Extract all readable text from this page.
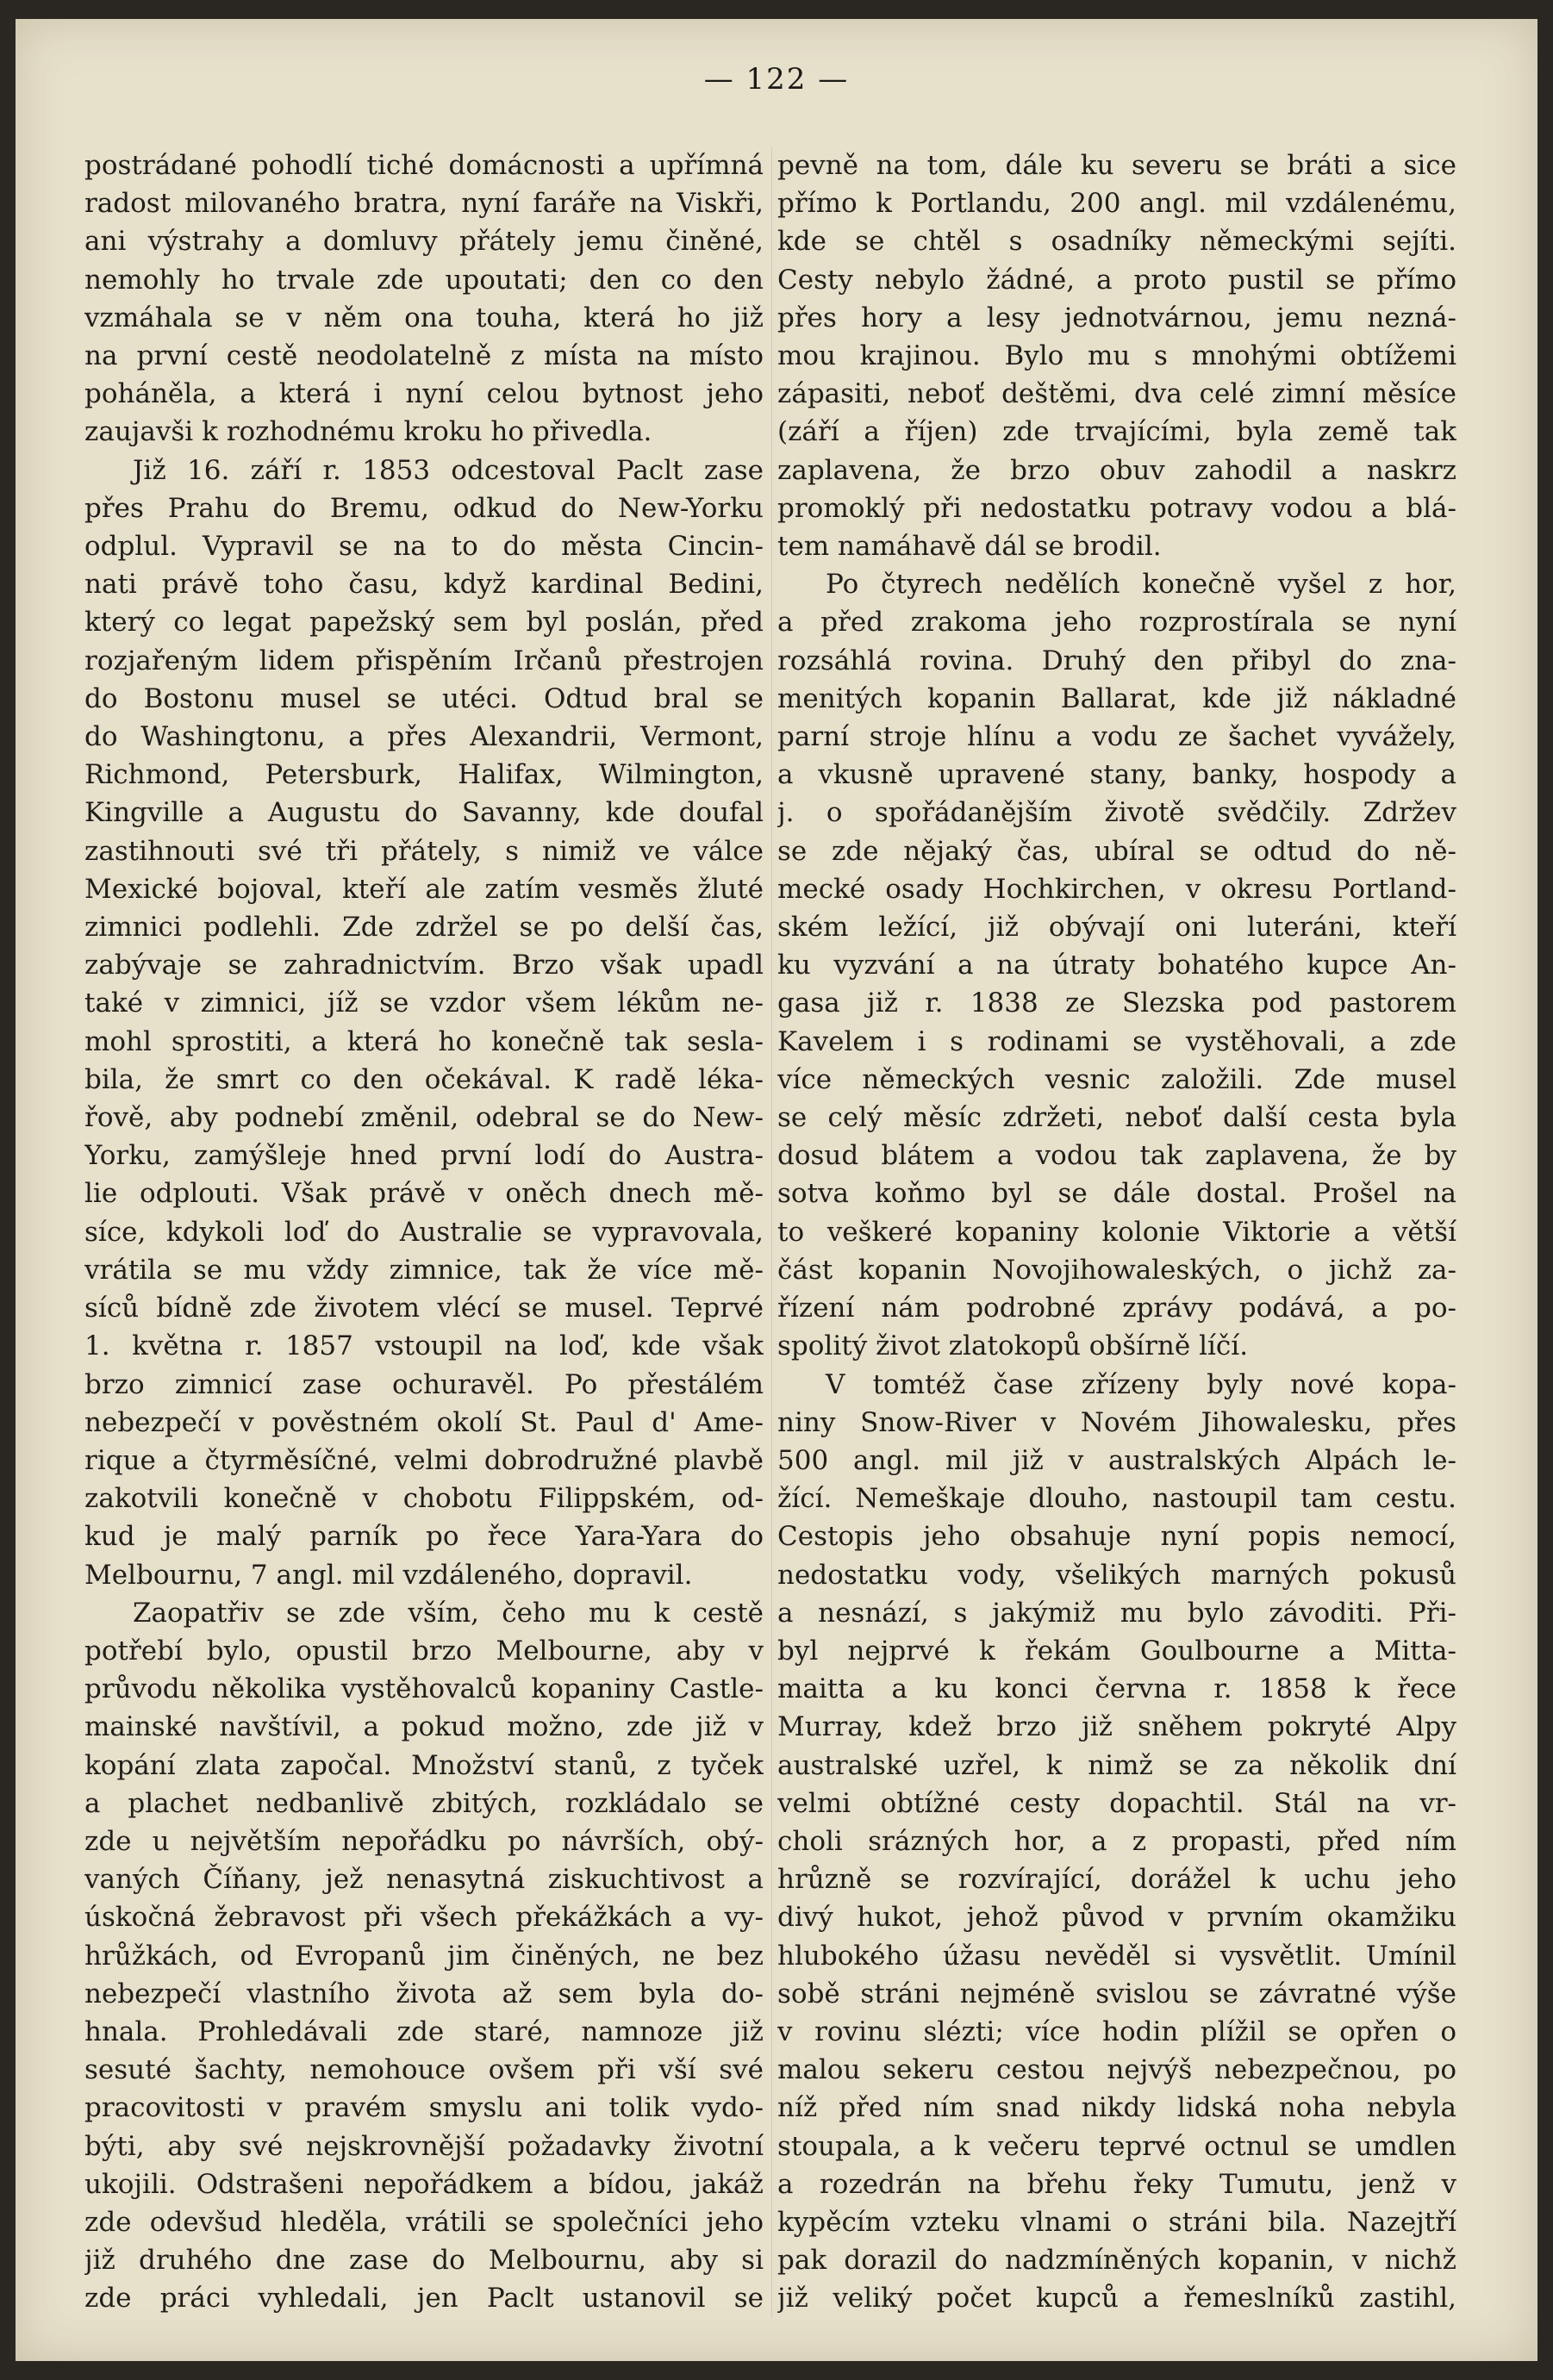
— 122 —
postrádané pohodlí tiché domácnosti a upřímná
radost milovaného bratra, nyní faráře na Viskři,
ani výstrahy a domluvy přátely jemu činěné,
nemohly ho trvale zde upoutati; den co den
vzmáhala se v něm ona touha, která ho již
na první cestě neodolatelně z místa na místo
poháněla, a která i nyní celou bytnost jeho
zaujavši k rozhodnému kroku ho přivedla.
Již 16. září r. 1853 odcestoval Paclt zase
přes Prahu do Bremu, odkud do New-Yorku
odplul. Vypravil se na to do města Cincin-
nati právě toho času, když kardinal Bedini,
který co legat papežský sem byl poslán, před
rozjařeným lidem přispěním Irčanů přestrojen
do Bostonu musel se utéci. Odtud bral se
do Washingtonu, a přes Alexandrii, Vermont,
Richmond, Petersburk, Halifax, Wilmington,
Kingville a Augustu do Savanny, kde doufal
zastihnouti své tři přátely, s nimiž ve válce
Mexické bojoval, kteří ale zatím vesměs žluté
zimnici podlehli. Zde zdržel se po delší čas,
zabývaje se zahradnictvím. Brzo však upadl
také v zimnici, jíž se vzdor všem lékům ne-
mohl sprostiti, a která ho konečně tak sesla-
bila, že smrt co den očekával. K radě léka-
řově, aby podnebí změnil, odebral se do New-
Yorku, zamýšleje hned první lodí do Austra-
lie odplouti. Však právě v oněch dnech mě-
síce, kdykoli loď do Australie se vypravovala,
vrátila se mu vždy zimnice, tak že více mě-
síců bídně zde životem vlécí se musel. Teprvé
1. května r. 1857 vstoupil na loď, kde však
brzo zimnicí zase ochuravěl. Po přestálém
nebezpečí v pověstném okolí St. Paul d' Ame-
rique a čtyrměsíčné, velmi dobrodružné plavbě
zakotvili konečně v chobotu Filippském, od-
kud je malý parník po řece Yara-Yara do
Melbournu, 7 angl. mil vzdáleného, dopravil.
Zaopatřiv se zde vším, čeho mu k cestě
potřebí bylo, opustil brzo Melbourne, aby v
průvodu několika vystěhovalců kopaniny Castle-
mainské navštívil, a pokud možno, zde již v
kopání zlata započal. Množství stanů, z tyček
a plachet nedbanlivě zbitých, rozkládalo se
zde u největším nepořádku po návrších, obý-
vaných Číňany, jež nenasytná ziskuchtivost a
úskočná žebravost při všech překážkách a vy-
hrůžkách, od Evropanů jim činěných, ne bez
nebezpečí vlastního života až sem byla do-
hnala. Prohledávali zde staré, namnoze již
sesuté šachty, nemohouce ovšem při vší své
pracovitosti v pravém smyslu ani tolik vydo-
býti, aby své nejskrovnější požadavky životní
ukojili. Odstrašeni nepořádkem a bídou, jakáž
zde odevšud hleděla, vrátili se společníci jeho
již druhého dne zase do Melbournu, aby si
zde práci vyhledali, jen Paclt ustanovil se
pevně na tom, dále ku severu se bráti a sice
přímo k Portlandu, 200 angl. mil vzdálenému,
kde se chtěl s osadníky německými sejíti.
Cesty nebylo žádné, a proto pustil se přímo
přes hory a lesy jednotvárnou, jemu nezná-
mou krajinou. Bylo mu s mnohými obtížemi
zápasiti, neboť deštěmi, dva celé zimní měsíce
(září a říjen) zde trvajícími, byla země tak
zaplavena, že brzo obuv zahodil a naskrz
promoklý při nedostatku potravy vodou a blá-
tem namáhavě dál se brodil.
Po čtyrech nedělích konečně vyšel z hor,
a před zrakoma jeho rozprostírala se nyní
rozsáhlá rovina. Druhý den přibyl do zna-
menitých kopanin Ballarat, kde již nákladné
parní stroje hlínu a vodu ze šachet vyvážely,
a vkusně upravené stany, banky, hospody a
j. o spořádanějším životě svědčily. Zdržev
se zde nějaký čas, ubíral se odtud do ně-
mecké osady Hochkirchen, v okresu Portland-
ském ležící, již obývají oni luteráni, kteří
ku vyzvání a na útraty bohatého kupce An-
gasa již r. 1838 ze Slezska pod pastorem
Kavelem i s rodinami se vystěhovali, a zde
více německých vesnic založili. Zde musel
se celý měsíc zdržeti, neboť další cesta byla
dosud blátem a vodou tak zaplavena, že by
sotva koňmo byl se dále dostal. Prošel na
to veškeré kopaniny kolonie Viktorie a větší
část kopanin Novojihowaleských, o jichž za-
řízení nám podrobné zprávy podává, a po-
spolitý život zlatokopů obšírně líčí.
V tomtéž čase zřízeny byly nové kopa-
niny Snow-River v Novém Jihowalesku, přes
500 angl. mil již v australských Alpách le-
žící. Nemeškaje dlouho, nastoupil tam cestu.
Cestopis jeho obsahuje nyní popis nemocí,
nedostatku vody, všelikých marných pokusů
a nesnází, s jakýmiž mu bylo závoditi. Při-
byl nejprvé k řekám Goulbourne a Mitta-
maitta a ku konci června r. 1858 k řece
Murray, kdež brzo již sněhem pokryté Alpy
australské uzřel, k nimž se za několik dní
velmi obtížné cesty dopachtil. Stál na vr-
choli srázných hor, a z propasti, před ním
hrůzně se rozvírající, dorážel k uchu jeho
divý hukot, jehož původ v prvním okamžiku
hlubokého úžasu nevěděl si vysvětlit. Umínil
sobě stráni nejméně svislou se závratné výše
v rovinu slézti; více hodin plížil se opřen o
malou sekeru cestou nejvýš nebezpečnou, po
níž před ním snad nikdy lidská noha nebyla
stoupala, a k večeru teprvé octnul se umdlen
a rozedrán na břehu řeky Tumutu, jenž v
kypěcím vzteku vlnami o stráni bila. Nazejtří
pak dorazil do nadzmíněných kopanin, v nichž
již veliký počet kupců a řemeslníků zastihl,
